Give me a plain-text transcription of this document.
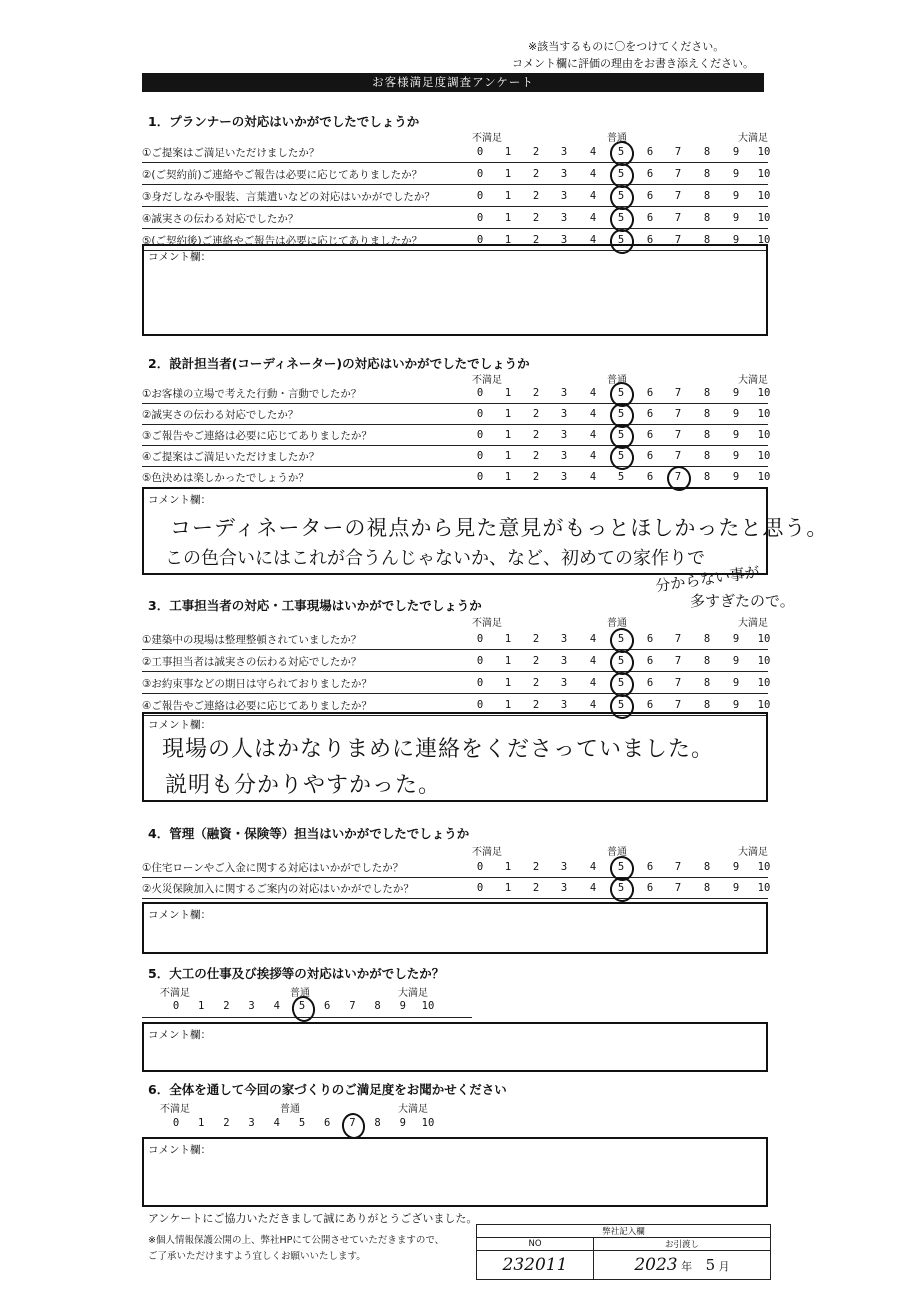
※該当するものに〇をつけてください。
コメント欄に評価の理由をお書き添えください。
お客様満足度調査アンケート
1．プランナーの対応はいかがでしたでしょうか
不満足	普通	大満足
①ご提案はご満足いただけましたか？	0	1	2	3	4	5	6	7	8	9	10
②(ご契約前)ご連絡やご報告は必要に応じてありましたか？	0	1	2	3	4	5	6	7	8	9	10
③身だしなみや服装、言葉遣いなどの対応はいかがでしたか？	0	1	2	3	4	5	6	7	8	9	10
④誠実さの伝わる対応でしたか？	0	1	2	3	4	5	6	7	8	9	10
⑤(ご契約後)ご連絡やご報告は必要に応じてありましたか？	0	1	2	3	4	5	6	7	8	9	10
コメント欄：
2．設計担当者(コーディネーター)の対応はいかがでしたでしょうか
不満足	普通	大満足
①お客様の立場で考えた行動・言動でしたか？	0	1	2	3	4	5	6	7	8	9	10
②誠実さの伝わる対応でしたか？	0	1	2	3	4	5	6	7	8	9	10
③ご報告やご連絡は必要に応じてありましたか？	0	1	2	3	4	5	6	7	8	9	10
④ご提案はご満足いただけましたか？	0	1	2	3	4	5	6	7	8	9	10
⑤色決めは楽しかったでしょうか？	0	1	2	3	4	5	6	7	8	9	10
コメント欄：
コーディネーターの視点から見た意見がもっとほしかったと思う。
この色合いにはこれが合うんじゃないか、など、初めての家作りで
分からない事が
多すぎたので。
3．工事担当者の対応・工事現場はいかがでしたでしょうか
不満足	普通	大満足
①建築中の現場は整理整頓されていましたか？	0	1	2	3	4	5	6	7	8	9	10
②工事担当者は誠実さの伝わる対応でしたか？	0	1	2	3	4	5	6	7	8	9	10
③お約束事などの期日は守られておりましたか？	0	1	2	3	4	5	6	7	8	9	10
④ご報告やご連絡は必要に応じてありましたか？	0	1	2	3	4	5	6	7	8	9	10
コメント欄：
現場の人はかなりまめに連絡をくださっていました。
説明も分かりやすかった。
4．管理（融資・保険等）担当はいかがでしたでしょうか
不満足	普通	大満足
①住宅ローンやご入金に関する対応はいかがでしたか？	0	1	2	3	4	5	6	7	8	9	10
②火災保険加入に関するご案内の対応はいかがでしたか？	0	1	2	3	4	5	6	7	8	9	10
コメント欄：
5．大工の仕事及び挨拶等の対応はいかがでしたか？
不満足	普通	大満足
コメント欄：
6．全体を通して今回の家づくりのご満足度をお聞かせください
不満足	普通	大満足
コメント欄：
アンケートにご協力いただきまして誠にありがとうございました。
※個人情報保護公開の上、弊社HPにて公開させていただきますので、
ご了承いただけますよう宜しくお願いいたします。
弊社記入欄	
NO	お引渡し
232011	2023 年 5 月
0	1	2	3	4	5	6	7	8	9	10
0	1	2	3	4	5	6	7	8	9	10
